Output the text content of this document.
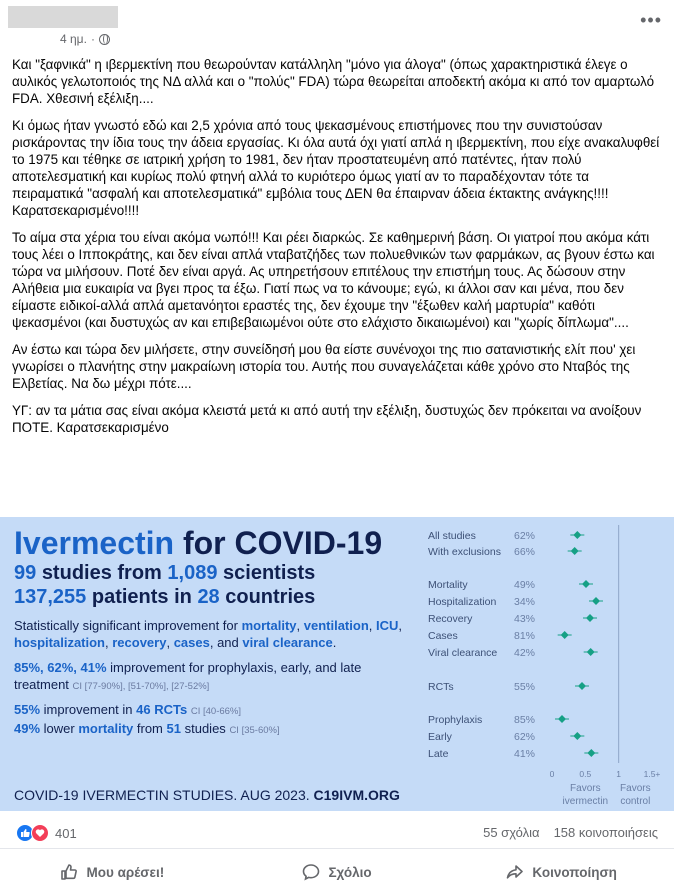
4 ημ. ·
•••

Και "ξαφνικά" η ιβερμεκτίνη που θεωρούνταν κατάλληλη "μόνο για άλογα" (όπως χαρακτηριστικά έλεγε ο αυλικός γελωτοποιός της ΝΔ αλλά και ο "πολύς" FDA) τώρα θεωρείται αποδεκτή ακόμα κι από τον αμαρτωλό FDA. Χθεσινή εξέλιξη....

Κι όμως ήταν γνωστό εδώ και 2,5 χρόνια από τους ψεκασμένους επιστήμονες που την συνιστούσαν ρισκάροντας την ίδια τους την άδεια εργασίας. Κι όλα αυτά όχι γιατί απλά η ιβερμεκτίνη, που είχε ανακαλυφθεί το 1975 και τέθηκε σε ιατρική χρήση το 1981, δεν ήταν προστατευμένη από πατέντες, ήταν πολύ αποτελεσματική και κυρίως πολύ φτηνή αλλά το κυριότερο όμως γιατί αν το παραδέχονταν τότε τα πειραματικά "ασφαλή και αποτελεσματικά" εμβόλια τους ΔΕΝ θα έπαιρναν άδεια έκτακτης ανάγκης!!!! Καρατσεκαρισμένο!!!!

Το αίμα στα χέρια του είναι ακόμα νωπό!!! Και ρέει διαρκώς. Σε καθημερινή βάση. Οι γιατροί που ακόμα κάτι τους λέει ο Ιπποκράτης, και δεν είναι απλά νταβατζήδες των πολυεθνικών των φαρμάκων, ας βγουν έστω και τώρα να μιλήσουν. Ποτέ δεν είναι αργά. Ας υπηρετήσουν επιτέλους την επιστήμη τους. Ας δώσουν στην Αλήθεια μια ευκαιρία να βγει προς τα έξω. Γιατί πως να το κάνουμε; εγώ, κι άλλοι σαν και μένα, που δεν είμαστε ειδικοί-αλλά απλά αμετανόητοι εραστές της, δεν έχουμε την "έξωθεν καλή μαρτυρία" καθότι ψεκασμένοι (και δυστυχώς αν και επιβεβαιωμένοι ούτε στο ελάχιστο δικαιωμένοι) και "χωρίς δίπλωμα"....

Αν έστω και τώρα δεν μιλήσετε, στην συνείδησή μου θα είστε συνένοχοι της πιο σατανιστικής ελίτ που' χει γνωρίσει ο πλανήτης στην μακραίωνη ιστορία του. Αυτής που συναγελάζεται κάθε χρόνο στο Νταβός της Ελβετίας. Να δω μέχρι πότε....

ΥΓ: αν τα μάτια σας είναι ακόμα κλειστά μετά κι από αυτή την εξέλιξη, δυστυχώς δεν πρόκειται να ανοίξουν ΠΟΤΕ. Καρατσεκαρισμένο

Ivermectin for COVID-19
99 studies from 1,089 scientists
137,255 patients in 28 countries
Statistically significant improvement for mortality, ventilation, ICU, hospitalization, recovery, cases, and viral clearance.
85%, 62%, 41% improvement for prophylaxis, early, and late treatment CI [77-90%], [51-70%], [27-52%]
55% improvement in 46 RCTs CI [40-66%]
49% lower mortality from 51 studies CI [35-60%]
COVID-19 IVERMECTIN STUDIES. AUG 2023. C19IVM.ORG
All studies	62%
With exclusions 66%
Mortality	49%
Hospitalization 34%
Recovery	43%
Cases	81%
Viral clearance 42%
RCTs	55%
Prophylaxis	85%
Early	62%
Late	41%
0	0.5	1	1.5+
Favors
ivermectin
Favors
control
401	55 σχόλια 158 κοινοποιήσεις
Μου αρέσει!	Σχόλιο	Κοινοποίηση
